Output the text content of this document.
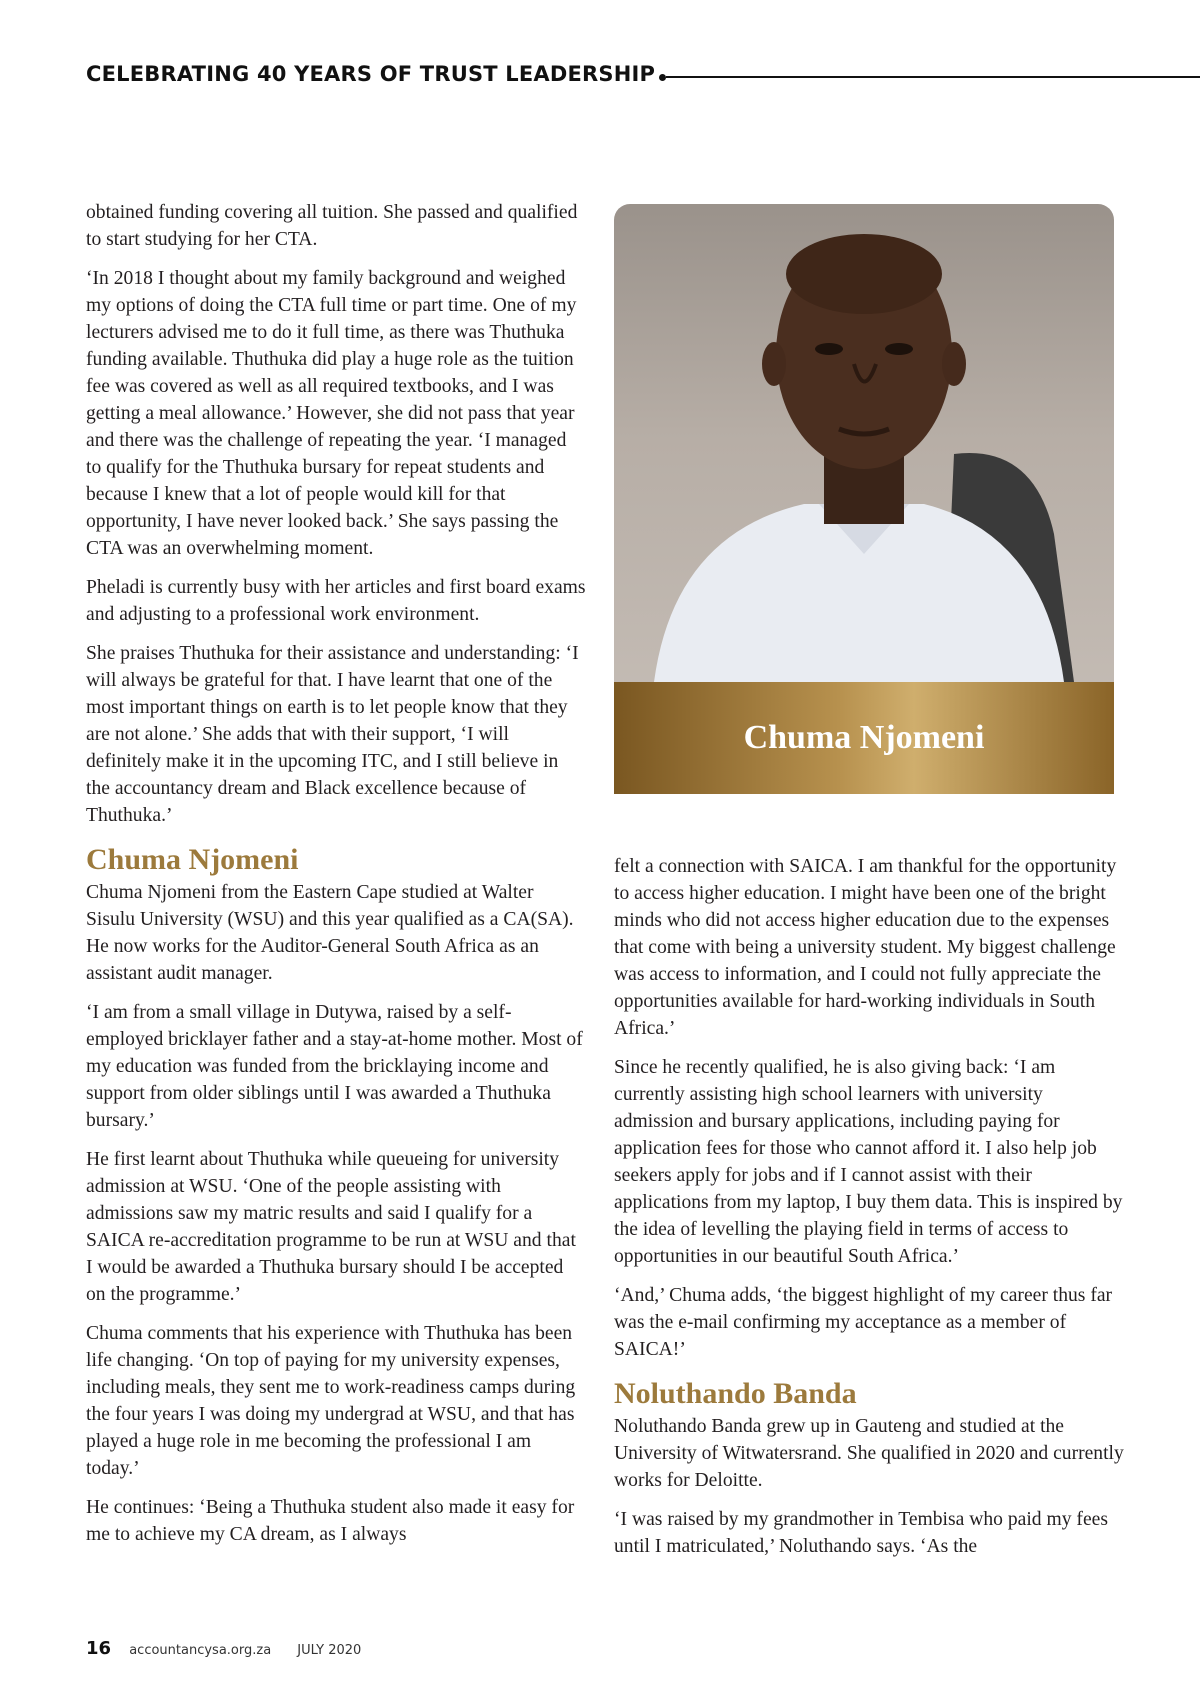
CELEBRATING 40 YEARS OF TRUST LEADERSHIP

obtained funding covering all tuition. She passed and qualified to start studying for her CTA.

‘In 2018 I thought about my family background and weighed my options of doing the CTA full time or part time. One of my lecturers advised me to do it full time, as there was Thuthuka funding available. Thuthuka did play a huge role as the tuition fee was covered as well as all required textbooks, and I was getting a meal allowance.’ However, she did not pass that year and there was the challenge of repeating the year. ‘I managed to qualify for the Thuthuka bursary for repeat students and because I knew that a lot of people would kill for that opportunity, I have never looked back.’ She says passing the CTA was an overwhelming moment.

Pheladi is currently busy with her articles and first board exams and adjusting to a professional work environment.

She praises Thuthuka for their assistance and understanding: ‘I will always be grateful for that. I have learnt that one of the most important things on earth is to let people know that they are not alone.’ She adds that with their support, ‘I will definitely make it in the upcoming ITC, and I still believe in the accountancy dream and Black excellence because of Thuthuka.’

Chuma Njomeni

Chuma Njomeni from the Eastern Cape studied at Walter Sisulu University (WSU) and this year qualified as a CA(SA). He now works for the Auditor-General South Africa as an assistant audit manager.

‘I am from a small village in Dutywa, raised by a self-employed bricklayer father and a stay-at-home mother. Most of my education was funded from the bricklaying income and support from older siblings until I was awarded a Thuthuka bursary.’

He first learnt about Thuthuka while queueing for university admission at WSU. ‘One of the people assisting with admissions saw my matric results and said I qualify for a SAICA re-accreditation programme to be run at WSU and that I would be awarded a Thuthuka bursary should I be accepted on the programme.’

Chuma comments that his experience with Thuthuka has been life changing. ‘On top of paying for my university expenses, including meals, they sent me to work-readiness camps during the four years I was doing my undergrad at WSU, and that has played a huge role in me becoming the professional I am today.’

He continues: ‘Being a Thuthuka student also made it easy for me to achieve my CA dream, as I always

Chuma Njomeni

felt a connection with SAICA. I am thankful for the opportunity to access higher education. I might have been one of the bright minds who did not access higher education due to the expenses that come with being a university student. My biggest challenge was access to information, and I could not fully appreciate the opportunities available for hard-working individuals in South Africa.’

Since he recently qualified, he is also giving back: ‘I am currently assisting high school learners with university admission and bursary applications, including paying for application fees for those who cannot afford it. I also help job seekers apply for jobs and if I cannot assist with their applications from my laptop, I buy them data. This is inspired by the idea of levelling the playing field in terms of access to opportunities in our beautiful South Africa.’

‘And,’ Chuma adds, ‘the biggest highlight of my career thus far was the e-mail confirming my acceptance as a member of SAICA!’

Noluthando Banda

Noluthando Banda grew up in Gauteng and studied at the University of Witwatersrand. She qualified in 2020 and currently works for Deloitte.

‘I was raised by my grandmother in Tembisa who paid my fees until I matriculated,’ Noluthando says. ‘As the

16 accountancysa.org.za JULY 2020
